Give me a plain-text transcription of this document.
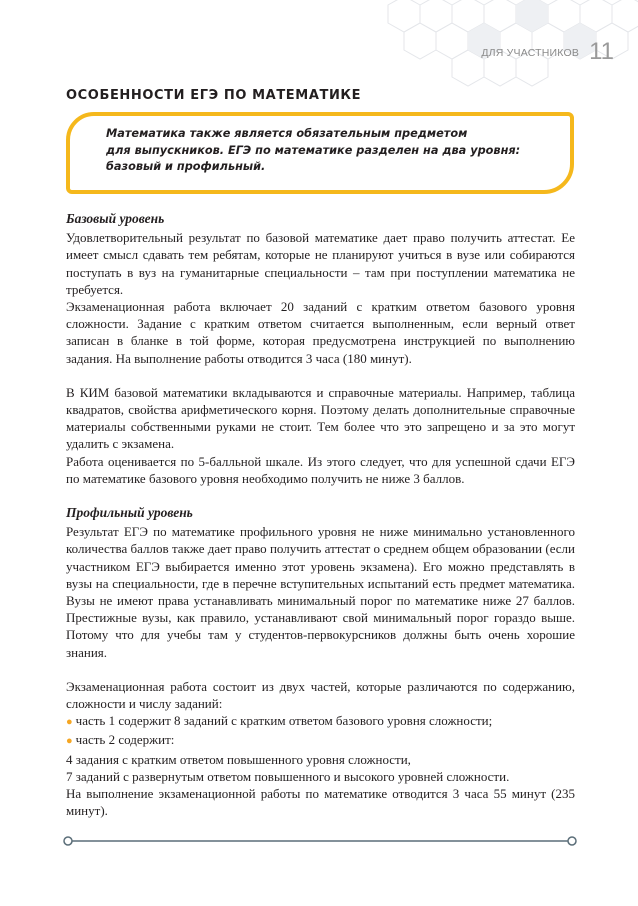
ДЛЯ УЧАСТНИКОВ 11
ОСОБЕННОСТИ ЕГЭ ПО МАТЕМАТИКЕ

Математика также является обязательным предметом

для выпускников. ЕГЭ по математике разделен на два уровня:

базовый и профильный.

Базовый уровень

Удовлетворительный результат по базовой математике дает право получить аттестат. Ее имеет смысл сдавать тем ребятам, которые не планируют учиться в вузе или собираются поступать в вуз на гуманитарные специальности – там при поступлении математика не требуется.

Экзаменационная работа включает 20 заданий с кратким ответом базового уровня сложности. Задание с кратким ответом считается выполненным, если верный ответ записан в бланке в той форме, которая предусмотрена инструкцией по выполнению задания. На выполнение работы отводится 3 часа (180 минут).

В КИМ базовой математики вкладываются и справочные материалы. Например, таблица квадратов, свойства арифметического корня. Поэтому делать дополнительные справочные материалы собственными руками не стоит. Тем более что это запрещено и за это могут удалить с экзамена.

Работа оценивается по 5-балльной шкале. Из этого следует, что для успешной сдачи ЕГЭ по математике базового уровня необходимо получить не ниже 3 баллов.

Профильный уровень

Результат ЕГЭ по математике профильного уровня не ниже минимально установленного количества баллов также дает право получить аттестат о среднем общем образовании (если участником ЕГЭ выбирается именно этот уровень экзамена). Его можно представлять в вузы на специальности, где в перечне вступительных испытаний есть предмет математика. Вузы не имеют права устанавливать минимальный порог по математике ниже 27 баллов. Престижные вузы, как правило, устанавливают свой минимальный порог гораздо выше. Потому что для учебы там у студентов-первокурсников должны быть очень хорошие знания.

Экзаменационная работа состоит из двух частей, которые различаются по содержанию, сложности и числу заданий:

● часть 1 содержит 8 заданий с кратким ответом базового уровня сложности;

● часть 2 содержит:

4 задания с кратким ответом повышенного уровня сложности,

7 заданий с развернутым ответом повышенного и высокого уровней сложности.

На выполнение экзаменационной работы по математике отводится 3 часа 55 минут (235 минут).
